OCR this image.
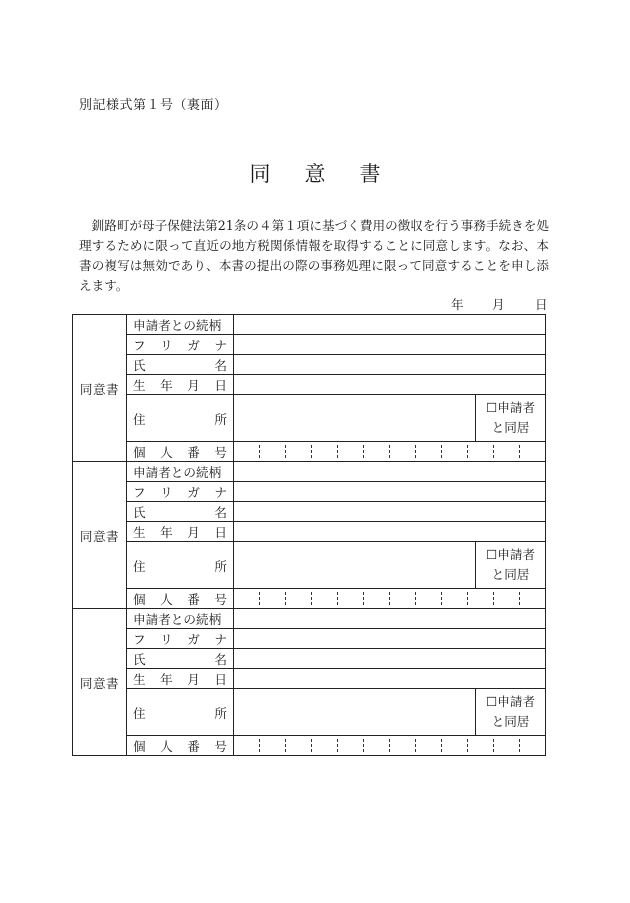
別記様式第１号（裏面）
同 意 書

　釧路町が母子保健法第21条の４第１項に基づく費用の徴収を行う事務手続きを処理するために限って直近の地方税関係情報を取得することに同意します。なお、本書の複写は無効であり、本書の提出の際の事務処理に限って同意することを申し添えます。

年 月 日
同意書	申請者との続柄		

	フ リ ガ ナ		

	氏 名		

	生 年 月 日		

	住 所		☐申請者
と同居

	個 人 番 号		

同意書	申請者との続柄		

	フ リ ガ ナ		

	氏 名		

	生 年 月 日		

	住 所		☐申請者
と同居

	個 人 番 号		

同意書	申請者との続柄		

	フ リ ガ ナ		

	氏 名		

	生 年 月 日		

	住 所		☐申請者
と同居

	個 人 番 号		
